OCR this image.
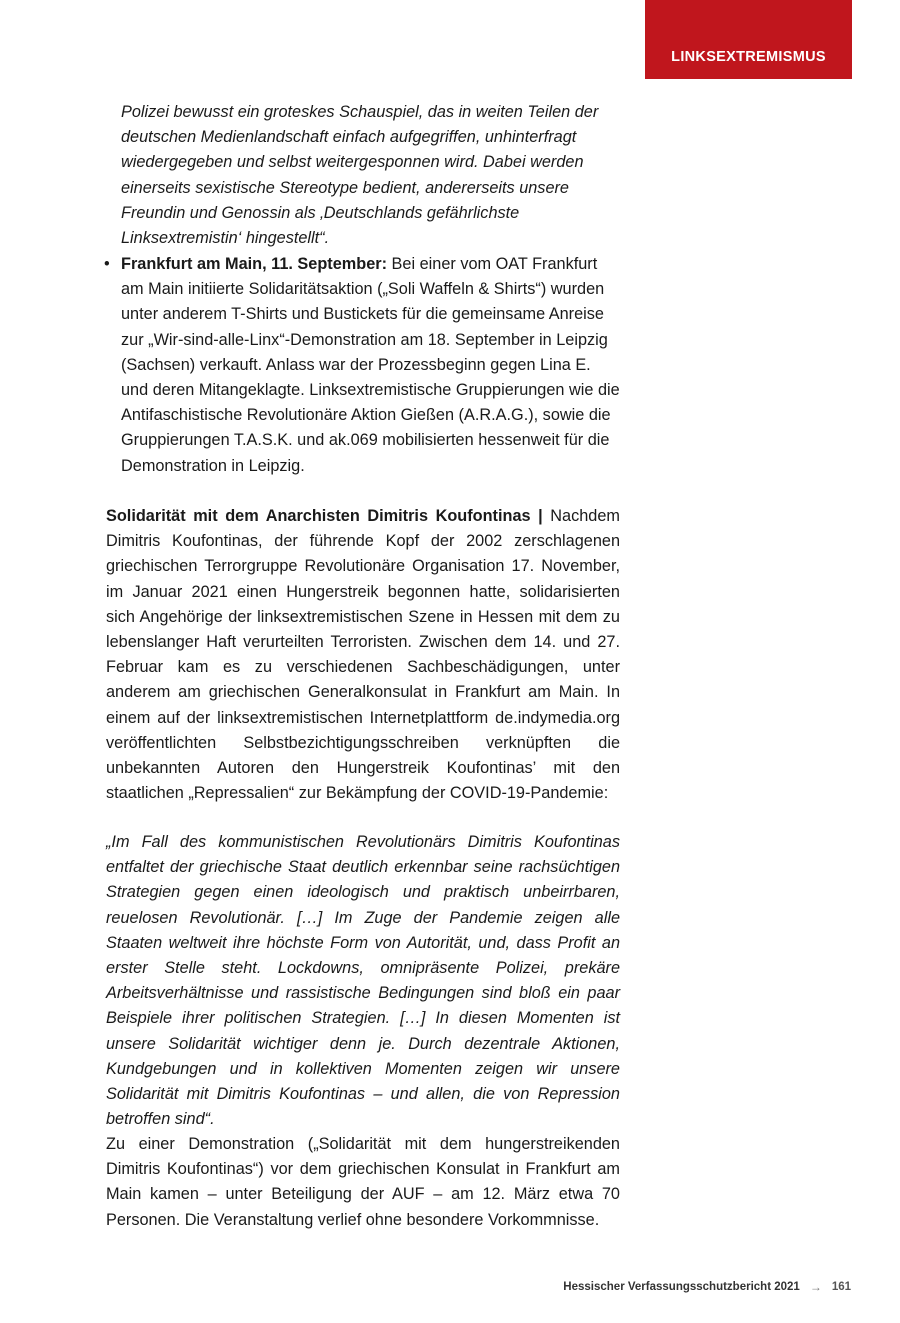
LINKSEXTREMISMUS
Polizei bewusst ein groteskes Schauspiel, das in weiten Teilen der deutschen Medienlandschaft einfach aufgegriffen, unhinterfragt wiedergegeben und selbst weitergesponnen wird. Dabei werden einerseits sexistische Stereotype bedient, andererseits unsere Freundin und Genossin als ‚Deutschlands gefährlichste Linksextremistin‘ hingestellt“.
• Frankfurt am Main, 11. September: Bei einer vom OAT Frankfurt am Main initiierte Solidaritätsaktion („Soli Waffeln & Shirts“) wurden unter anderem T-Shirts und Bustickets für die gemeinsame Anreise zur „Wir-sind-alle-Linx“-Demonstration am 18. September in Leipzig (Sachsen) verkauft. Anlass war der Prozessbeginn gegen Lina E. und deren Mitangeklagte. Linksextremistische Gruppierungen wie die Antifaschistische Revolutionäre Aktion Gießen (A.R.A.G.), sowie die Gruppierungen T.A.S.K. und ak.069 mobilisierten hessenweit für die Demonstration in Leipzig.
Solidarität mit dem Anarchisten Dimitris Koufontinas | Nachdem Dimitris Koufontinas, der führende Kopf der 2002 zerschlagenen griechischen Terrorgruppe Revolutionäre Organisation 17. November, im Januar 2021 einen Hungerstreik begonnen hatte, solidarisierten sich Angehörige der linksextremistischen Szene in Hessen mit dem zu lebenslanger Haft verurteilten Terroristen. Zwischen dem 14. und 27. Februar kam es zu verschiedenen Sachbeschädigungen, unter anderem am griechischen Generalkonsulat in Frankfurt am Main. In einem auf der linksextremistischen Internetplattform de.indymedia.org veröffentlichten Selbstbezichtigungsschreiben verknüpften die unbekannten Autoren den Hungerstreik Koufontinas’ mit den staatlichen „Repressalien“ zur Bekämpfung der COVID-19-Pandemie:
„Im Fall des kommunistischen Revolutionärs Dimitris Koufontinas entfaltet der griechische Staat deutlich erkennbar seine rachsüchtigen Strategien gegen einen ideologisch und praktisch unbeirrbaren, reuelosen Revolutionär. […] Im Zuge der Pandemie zeigen alle Staaten weltweit ihre höchste Form von Autorität, und, dass Profit an erster Stelle steht. Lockdowns, omnipräsente Polizei, prekäre Arbeitsverhältnisse und rassistische Bedingungen sind bloß ein paar Beispiele ihrer politischen Strategien. […] In diesen Momenten ist unsere Solidarität wichtiger denn je. Durch dezentrale Aktionen, Kundgebungen und in kollektiven Momenten zeigen wir unsere Solidarität mit Dimitris Koufontinas – und allen, die von Repression betroffen sind“.
Zu einer Demonstration („Solidarität mit dem hungerstreikenden Dimitris Koufontinas“) vor dem griechischen Konsulat in Frankfurt am Main kamen – unter Beteiligung der AUF – am 12. März etwa 70 Personen. Die Veranstaltung verlief ohne besondere Vorkommnisse.
Hessischer Verfassungsschutzbericht 2021 → 161
